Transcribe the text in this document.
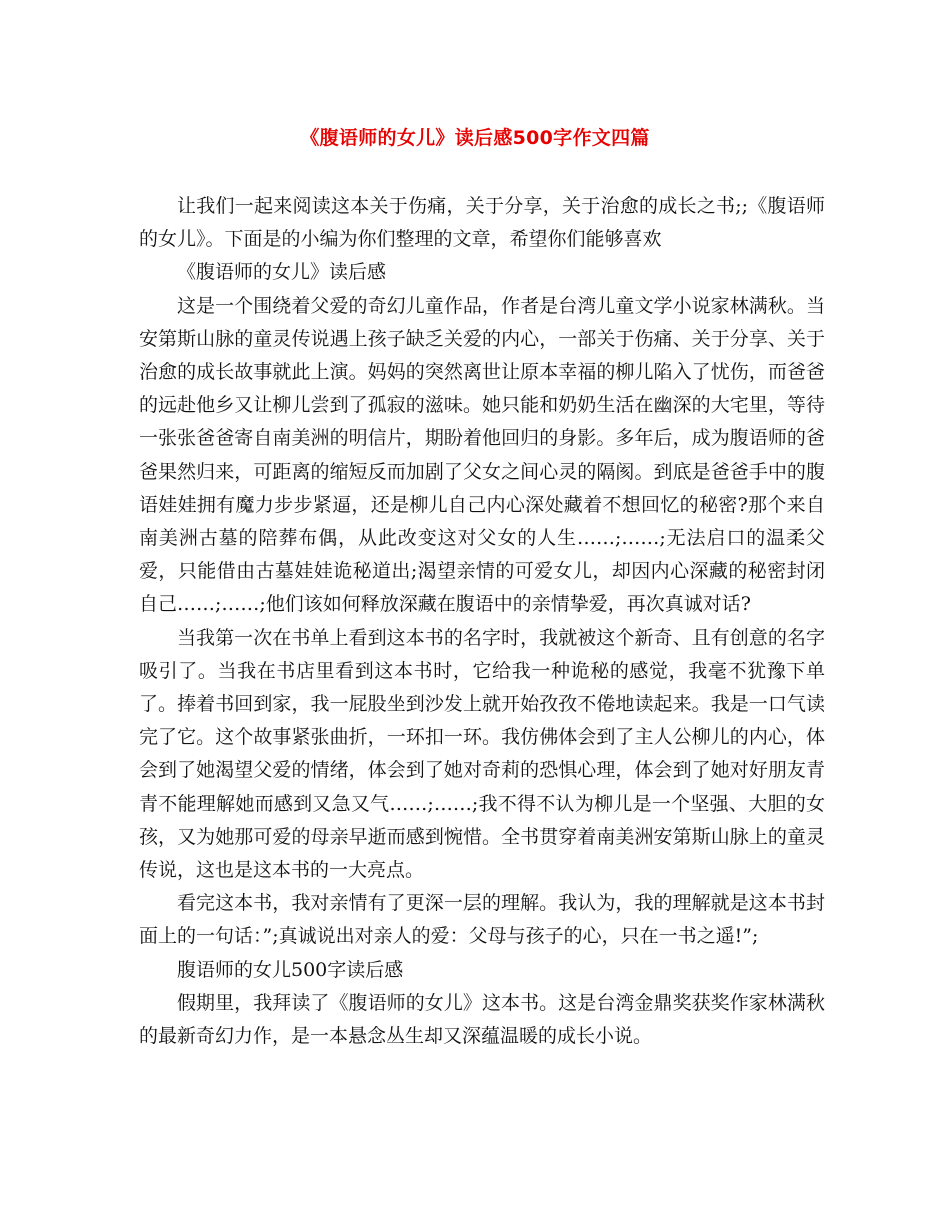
《腹语师的女儿》读后感500字作文四篇

让我们一起来阅读这本关于伤痛，关于分享，关于治愈的成长之书;;《腹语师的女儿》。下面是的小编为你们整理的文章，希望你们能够喜欢

《腹语师的女儿》读后感

这是一个围绕着父爱的奇幻儿童作品，作者是台湾儿童文学小说家林满秋。当安第斯山脉的童灵传说遇上孩子缺乏关爱的内心，一部关于伤痛、关于分享、关于治愈的成长故事就此上演。妈妈的突然离世让原本幸福的柳儿陷入了忧伤，而爸爸的远赴他乡又让柳儿尝到了孤寂的滋味。她只能和奶奶生活在幽深的大宅里，等待一张张爸爸寄自南美洲的明信片，期盼着他回归的身影。多年后，成为腹语师的爸爸果然归来，可距离的缩短反而加剧了父女之间心灵的隔阂。到底是爸爸手中的腹语娃娃拥有魔力步步紧逼，还是柳儿自己内心深处藏着不想回忆的秘密?那个来自南美洲古墓的陪葬布偶，从此改变这对父女的人生……;……;无法启口的温柔父爱，只能借由古墓娃娃诡秘道出;渴望亲情的可爱女儿，却因内心深藏的秘密封闭自己……;……;他们该如何释放深藏在腹语中的亲情挚爱，再次真诚对话?

当我第一次在书单上看到这本书的名字时，我就被这个新奇、且有创意的名字吸引了。当我在书店里看到这本书时，它给我一种诡秘的感觉，我毫不犹豫下单了。捧着书回到家，我一屁股坐到沙发上就开始孜孜不倦地读起来。我是一口气读完了它。这个故事紧张曲折，一环扣一环。我仿佛体会到了主人公柳儿的内心，体会到了她渴望父爱的情绪，体会到了她对奇莉的恐惧心理，体会到了她对好朋友青青不能理解她而感到又急又气……;……;我不得不认为柳儿是一个坚强、大胆的女孩，又为她那可爱的母亲早逝而感到惋惜。全书贯穿着南美洲安第斯山脉上的童灵传说，这也是这本书的一大亮点。

看完这本书，我对亲情有了更深一层的理解。我认为，我的理解就是这本书封面上的一句话：”;真诚说出对亲人的爱：父母与孩子的心，只在一书之遥!”;

腹语师的女儿500字读后感

假期里，我拜读了《腹语师的女儿》这本书。这是台湾金鼎奖获奖作家林满秋的最新奇幻力作，是一本悬念丛生却又深蕴温暖的成长小说。
